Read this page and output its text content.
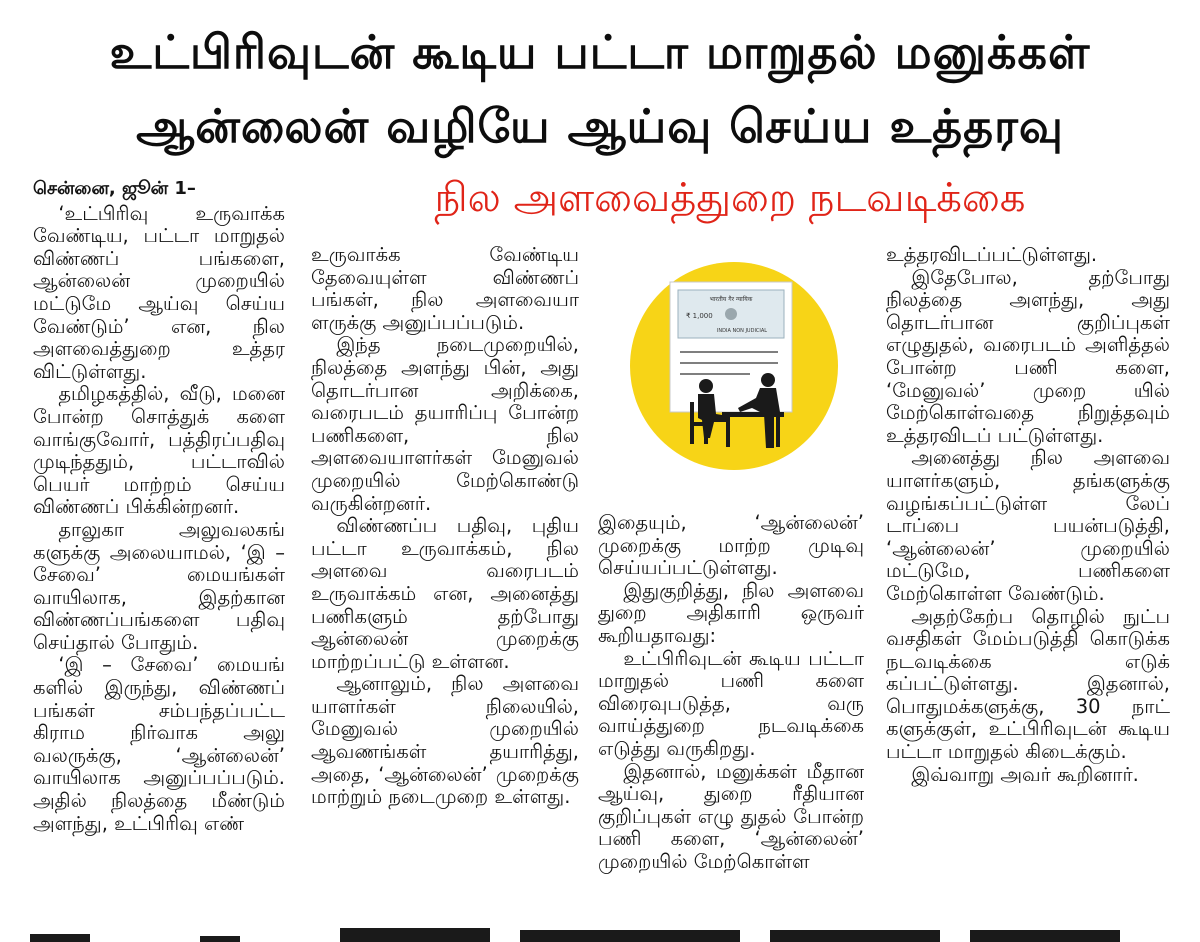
உட்பிரிவுடன் கூடிய பட்டா மாறுதல் மனுக்கள்
ஆன்லைன் வழியே ஆய்வு செய்ய உத்தரவு
நில அளவைத்துறை நடவடிக்கை

சென்னை, ஜூன் 1–

‘உட்பிரிவு உருவாக்க வேண்டிய, பட்டா மாறுதல் விண்ணப் பங்களை, ஆன்லைன் முறையில் மட்டுமே ஆய்வு செய்ய வேண்டும்’ என, நில அளவைத்துறை உத்தர விட்டுள்ளது.

தமிழகத்தில், வீடு, மனை போன்ற சொத்துக் களை வாங்குவோர், பத்திரப்பதிவு முடிந்ததும், பட்டாவில் பெயர் மாற்றம் செய்ய விண்ணப் பிக்கின்றனர்.

தாலுகா அலுவலகங் களுக்கு அலையாமல், ‘இ – சேவை’ மையங்கள் வாயிலாக, இதற்கான விண்ணப்பங்களை பதிவு செய்தால் போதும்.

‘இ – சேவை’ மையங் களில் இருந்து, விண்ணப் பங்கள் சம்பந்தப்பட்ட கிராம நிர்வாக அலு வலருக்கு, ‘ஆன்லைன்’ வாயிலாக அனுப்பப்படும். அதில் நிலத்தை மீண்டும் அளந்து, உட்பிரிவு எண்

உருவாக்க வேண்டிய தேவையுள்ள விண்ணப் பங்கள், நில அளவையா ளருக்கு அனுப்பப்படும்.

இந்த நடைமுறையில், நிலத்தை அளந்து பின், அது தொடர்பான அறிக்கை, வரைபடம் தயாரிப்பு போன்ற பணிகளை, நில அளவையாளர்கள் மேனுவல் முறையில் மேற்கொண்டு வருகின்றனர்.

விண்ணப்ப பதிவு, புதிய பட்டா உருவாக்கம், நில அளவை வரைபடம் உருவாக்கம் என, அனைத்து பணிகளும் தற்போது ஆன்லைன் முறைக்கு மாற்றப்பட்டு உள்ளன.

ஆனாலும், நில அளவை யாளர்கள் நிலையில், மேனுவல் முறையில் ஆவணங்கள் தயாரித்து, அதை, ‘ஆன்லைன்’ முறைக்கு மாற்றும் நடைமுறை உள்ளது.

भारतीय गैर न्यायिक
₹ 1,000
INDIA NON JUDICIAL

இதையும், ‘ஆன்லைன்’ முறைக்கு மாற்ற முடிவு செய்யப்பட்டுள்ளது.

இதுகுறித்து, நில அளவை துறை அதிகாரி ஒருவர் கூறியதாவது:

உட்பிரிவுடன் கூடிய பட்டா மாறுதல் பணி களை விரைவுபடுத்த, வரு வாய்த்துறை நடவடிக்கை எடுத்து வருகிறது.

இதனால், மனுக்கள் மீதான ஆய்வு, துறை ரீதியான குறிப்புகள் எழு துதல் போன்ற பணி களை, ‘ஆன்லைன்’ முறையில் மேற்கொள்ள

உத்தரவிடப்பட்டுள்ளது.

இதேபோல, தற்போது நிலத்தை அளந்து, அது தொடர்பான குறிப்புகள் எழுதுதல், வரைபடம் அளித்தல் போன்ற பணி களை, ‘மேனுவல்’ முறை யில் மேற்கொள்வதை நிறுத்தவும் உத்தரவிடப் பட்டுள்ளது.

அனைத்து நில அளவை யாளர்களும், தங்களுக்கு வழங்கப்பட்டுள்ள லேப் டாப்பை பயன்படுத்தி, ‘ஆன்லைன்’ முறையில் மட்டுமே, பணிகளை மேற்கொள்ள வேண்டும்.

அதற்கேற்ப தொழில் நுட்ப வசதிகள் மேம்படுத்தி கொடுக்க நடவடிக்கை எடுக் கப்பட்டுள்ளது. இதனால், பொதுமக்களுக்கு, 30 நாட் களுக்குள், உட்பிரிவுடன் கூடிய பட்டா மாறுதல் கிடைக்கும்.

இவ்வாறு அவர் கூறினார்.
